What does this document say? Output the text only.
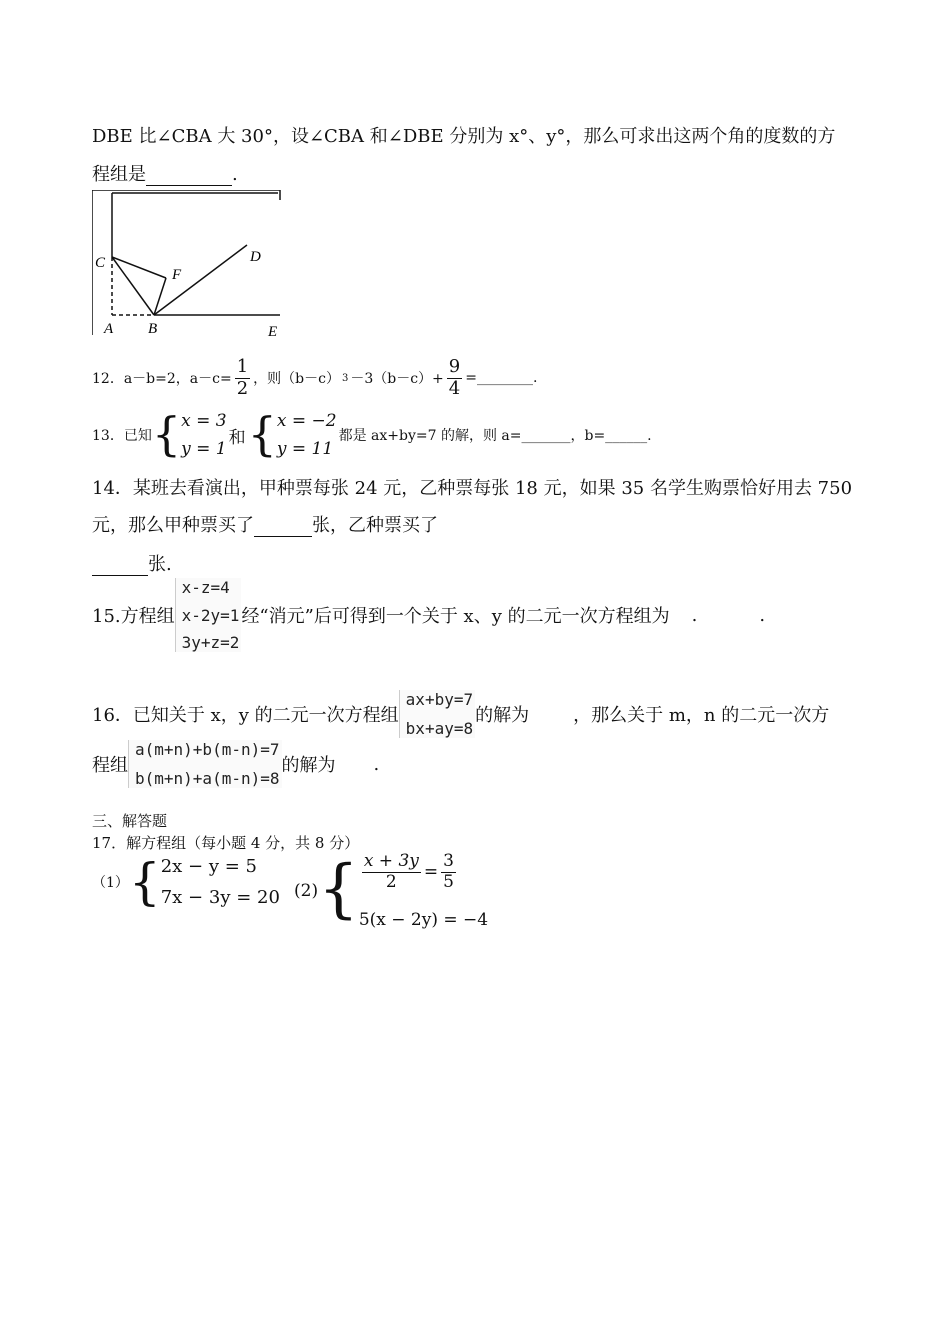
DBE 比∠CBA 大 30°，设∠CBA 和∠DBE 分别为 x°、y°，那么可求出这两个角的度数的方
程组是	.
C
F
D
A B	E
12．a－b=2，$a-c= \frac{1}{2}$ ，则（b－c） $3 -3(b-c)+ \frac{9}{4}$ =________.
13．已知 { x = 3
y = 1
和 { x = −2
y = 11
都是 ax+by=7 的解，则 a=_______，b=______.
14．某班去看演出，甲种票每张 24 元，乙种票每张 18 元，如果 35 名学生购票恰好用去 750
元，那么甲种票买了	张，乙种票买了
张.
15.方程组
x-z=4
x-2y=1
3y+z=2
经“消元”后可得到一个关于 x、y 的二元一次方程组为 .	.
16．已知关于 x，y 的二元一次方程组
ax+by=7
bx+ay=8
的解为 ，那么关于 m，n 的二元一次方
程组
a(m+n)+b(m-n)=7
b(m+n)+a(m-n)=8
的解为 .
三、解答题
17．解方程组（每小题 4 分，共 8 分）
（1） { 2x − y = 5
7x − 3y = 20 (2) { $\frac{x + 3y}{2} = \frac{3}{5}$
5(x − 2y) = −4
